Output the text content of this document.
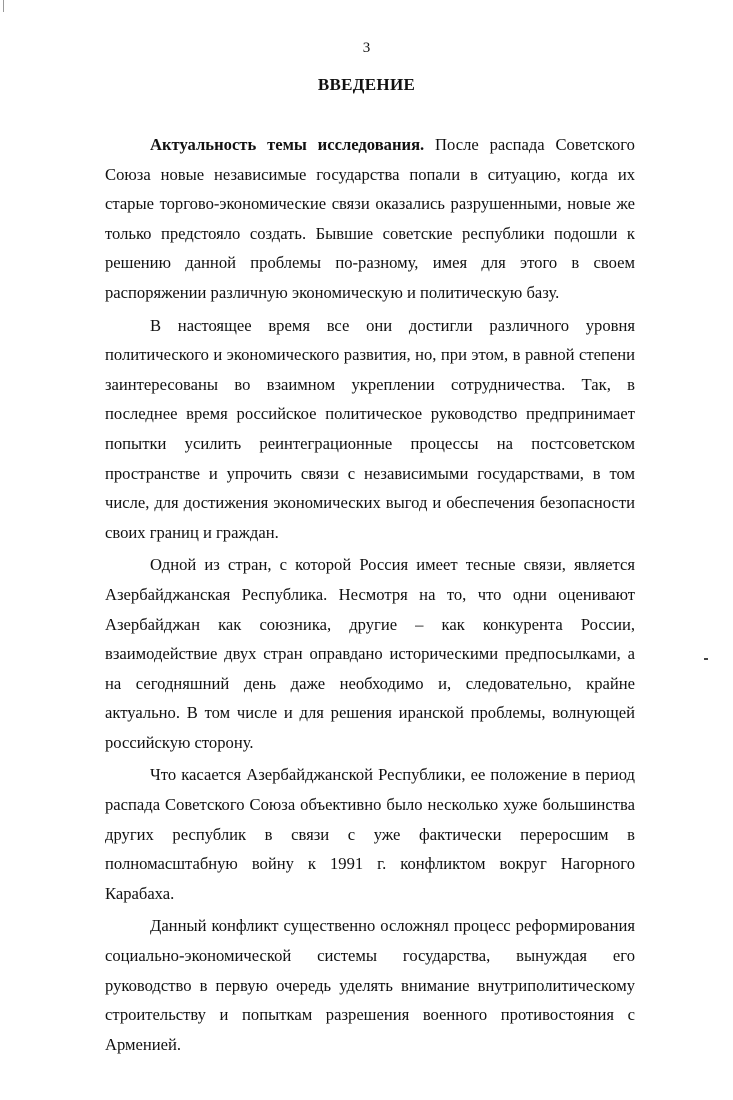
3
ВВЕДЕНИЕ

Актуальность темы исследования. После распада Советского Союза новые независимые государства попали в ситуацию, когда их старые торгово-экономические связи оказались разрушенными, новые же только предстояло создать. Бывшие советские республики подошли к решению данной проблемы по-разному, имея для этого в своем распоряжении различную экономическую и политическую базу.

В настоящее время все они достигли различного уровня политического и экономического развития, но, при этом, в равной степени заинтересованы во взаимном укреплении сотрудничества. Так, в последнее время российское политическое руководство предпринимает попытки усилить реинтеграционные процессы на постсоветском пространстве и упрочить связи с независимыми государствами, в том числе, для достижения экономических выгод и обеспечения безопасности своих границ и граждан.

Одной из стран, с которой Россия имеет тесные связи, является Азербайджанская Республика. Несмотря на то, что одни оценивают Азербайджан как союзника, другие – как конкурента России, взаимодействие двух стран оправдано историческими предпосылками, а на сегодняшний день даже необходимо и, следовательно, крайне актуально. В том числе и для решения иранской проблемы, волнующей российскую сторону.

Что касается Азербайджанской Республики, ее положение в период распада Советского Союза объективно было несколько хуже большинства других республик в связи с уже фактически переросшим в полномасштабную войну к 1991 г. конфликтом вокруг Нагорного Карабаха.

Данный конфликт существенно осложнял процесс реформирования социально-экономической системы государства, вынуждая его руководство в первую очередь уделять внимание внутриполитическому строительству и попыткам разрешения военного противостояния с Арменией.
